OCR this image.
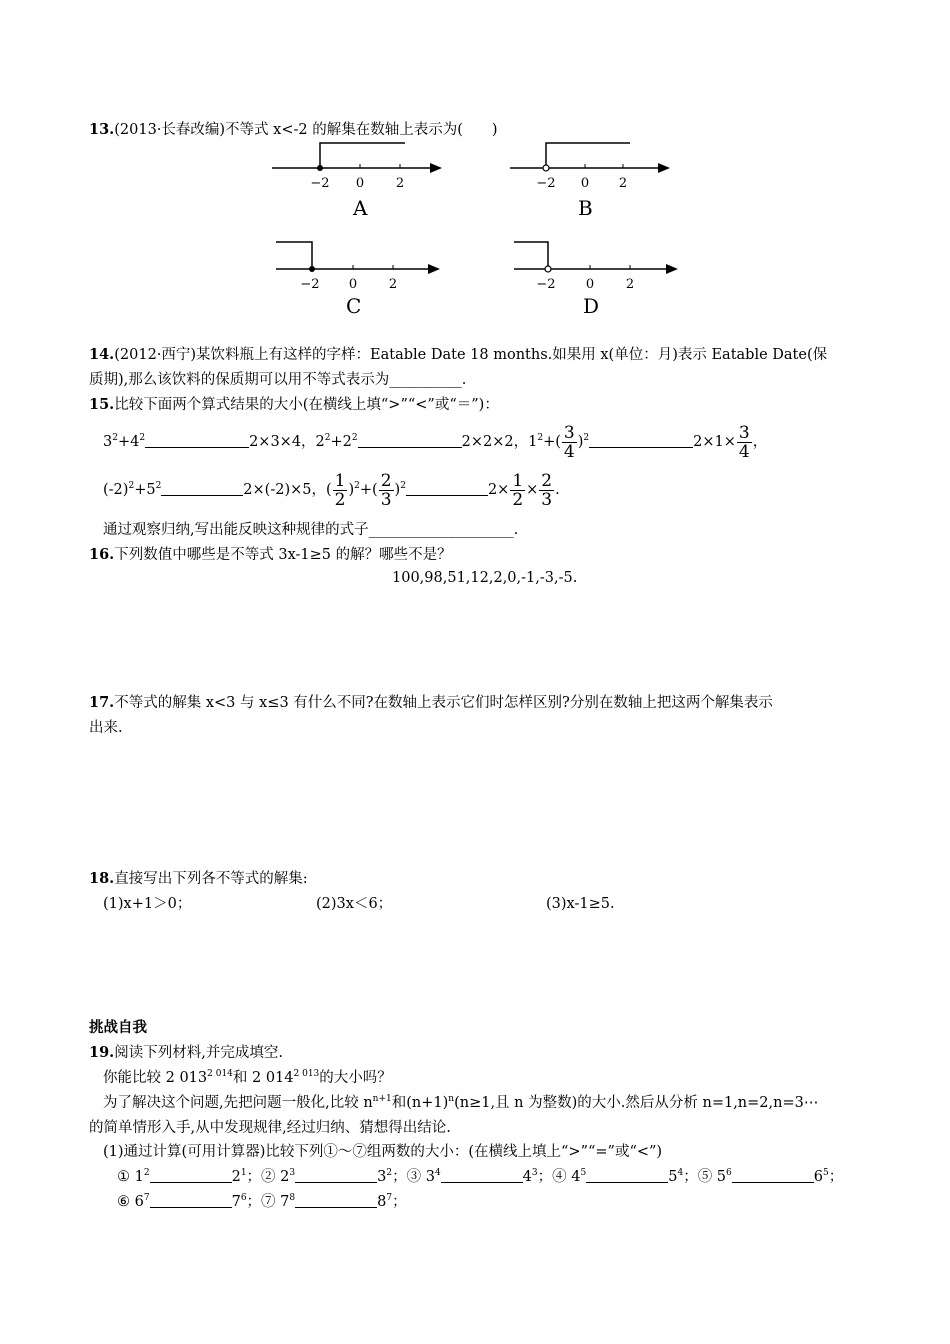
13.(2013·长春改编)不等式 x<-2 的解集在数轴上表示为(　　)
−2 0 2
A
−2 0 2
B
−2 0 2
C
−2 0 2
D
14.(2012·西宁)某饮料瓶上有这样的字样：Eatable Date 18 months.如果用 x(单位：月)表示 Eatable Date(保
质期),那么该饮料的保质期可以用不等式表示为__________.
15.比较下面两个算式结果的大小(在横线上填“>”“<”或“＝”)：
$3^2+4^2$	2×3×4，$2^2+2^2$	2×2×2，$1^2+( \frac{3}{4} )^2$	$2\times 1\times \frac{3}{4}$ ，
$(-2)^2+5^2$	2×(-2)×5，( $\frac{1}{2} )^2+( \frac{2}{3} )^2$	$2\times \frac{1}{2} \times \frac{2}{3}$ .
通过观察归纳,写出能反映这种规律的式子____________________.
16.下列数值中哪些是不等式 3x-1≥5 的解？哪些不是？
100,98,51,12,2,0,-1,-3,-5.
17.不等式的解集 x<3 与 x≤3 有什么不同?在数轴上表示它们时怎样区别?分别在数轴上把这两个解集表示
出来.
18.直接写出下列各不等式的解集:
(1)x+1＞0；	(2)3x＜6；	(3)x-1≥5.
挑战自我
19.阅读下列材料,并完成填空.
你能比较 2 $013^{2 014}$和 2 $014^{2 013}$的大小吗？
为了解决这个问题,先把问题一般化,比较 $n^{n+1}$和$(n+1)^n(n\ge 1$,且 n 为整数)的大小.然后从分析 n=1,n=2,n=3⋯
的简单情形入手,从中发现规律,经过归纳、猜想得出结论.
(1)通过计算(可用计算器)比较下列①～⑦组两数的大小：(在横线上填上“>”“=”或“<”)
① $1^2$	$2^1$；② $2^3$	$3^2$；③ $3^4$	$4^3$；④ $4^5$	$5^4$；⑤ $5^6$	$6^5$；
⑥ $6^7$	$7^6$；⑦ $7^8$	$8^7$；
